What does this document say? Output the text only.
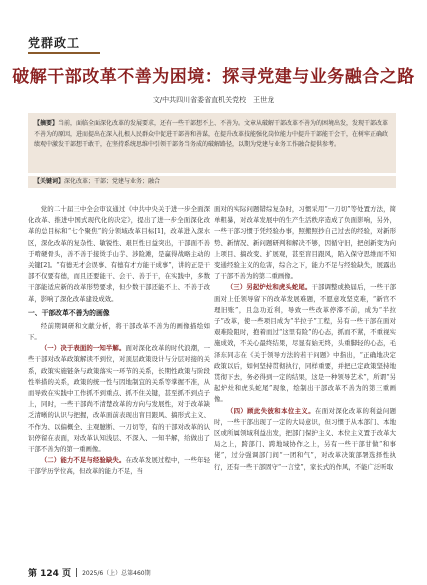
党群政工
破解干部改革不善为困境：探寻党建与业务融合之路
文/中共四川省委省直机关党校　王世龙
【摘要】当前，面临全面深化改革的发展要求，还有一些干部想不上、不善为。文章从破解干部改革不善为的困境出发，发现干部改革不善为的原因，进而提出在深入扎根人民群众中促进干部善和善谋，在提升改革技能强化岗位能力中提升干部能干会干，在树牢正确政绩观中激发干部想干敢干，在坚持系统思维中引领干部务当务成的破解路径，以期为党建与业务工作融合提供参考。
【关键词】深化改革；干部；党建与业务；融合

党的二十届三中全会审议通过《中共中央关于进一步全面深化改革、推进中国式现代化的决定》，提出了进一步全面深化改革的总目标和“七个聚焦”的分领域改革目标[1]，改革进入深水区，深化改革的复杂性、敏锐性、艰巨性日益突出，干部面不善于啃硬骨头，善不善于接烫手山芋、涉险滩，是赢得战略主动的关键[2]。“有德无才会误事、有德有才方能干成事”，讲的正是干部不仅要有德，而且还要能干、会干、善于干，在实践中，多数干部能适应新的改革形势要求，但少数干部还能不上、不善于改革，影响了深化改革建设成效。

一、干部改革不善为的画像

经前期调研和文献分析，将干部改革不善为的画像描绘如下。

（一）决于表面的一知半解。面对深化改革的时代浪潮，一些干部对改革政策解读不到位，对顶层政策设计与分层对接的关系，政策实施链条与政策落实一环节的关系，长期性政策与阶段性举措的关系，政策的统一性与因地制宜的关系等掌握不准，从而导致在实践中工作抓不到重点、抓不住关键，甚至抓不到点子上，同时，一些干部尚不清楚改革的方向与发展性，对于改革缺乏清晰的认识与把握，改革面前表现出盲目跟风、搞形式主义、不作为、以偏概全、主观臆断、一刀切等，有的干部对改革的认识停留在表面，对改革认知浅层、不深入、一知半解，给做出了干部不善为的第一重画像。

（二）能力不足与经验缺失。在改革发展过程中，一些年轻干部学历学位高，但改革的能力不足，当

面对的实际问题错综复杂时，习惯采用“一刀切”等处置方法，简单粗暴，对改革发展中的生产生活秩序造成了负面影响，另外，一些干部习惯于凭经验办事，照搬照抄自己过去的经验，对新形势、新情况、新问题研判和解决不够，因循守旧，把创新变为向上项目、搞改变、扩展观，甚至盲目跟风，陷入保守思维而不知变通经验主义的危害，综合之下，能力不足与经验缺失，展露出了干部不善为的第二重画像。

（三）另起炉灶和虎头蛇尾。干部调整或换届后，一些干部面对上任领导留下的改革发展难题，不愿意攻坚克难，“新官不理旧账”，且急功近利，导致一些改革停滞不前，成为“半拉子”改革，使一些项目成为“半拉子”工程，另有一些干部在面对艰难险阻时，抱着而过“这里有险”的心态，抓而不紧，不重视实施成效，不关心最终结果，尽显有始无终，头重脚轻的心态，毛泽东同志在《关于领导方法的若干问题》中指出，“正确地决定政策以后，如何坚持贯彻执行，同样重要，并把已定政策坚持地贯彻下去，务必得到一定的结果，这是一种领导艺术”，所谓“另起炉灶和虎头蛇尾”现象，绘制出干部改革不善为的第三重画像。

（四）顾此失彼和本位主义。在面对深化改革的利益问题时，一些干部出现了一定的大局意识，但习惯于从本部门、本地区或所属领域利益出发，把部门保护主义、本位主义置于改革大局之上，跨部门、跨地域协作之上，另有一些干部甘做“和事佬”，过分强调部门间“一团和气”，对改革决策部署选择性执行，还有一些干部固守“一言堂”，家长式的作风，不能广泛听取

第 124 页 2025/6（上）总第460期
